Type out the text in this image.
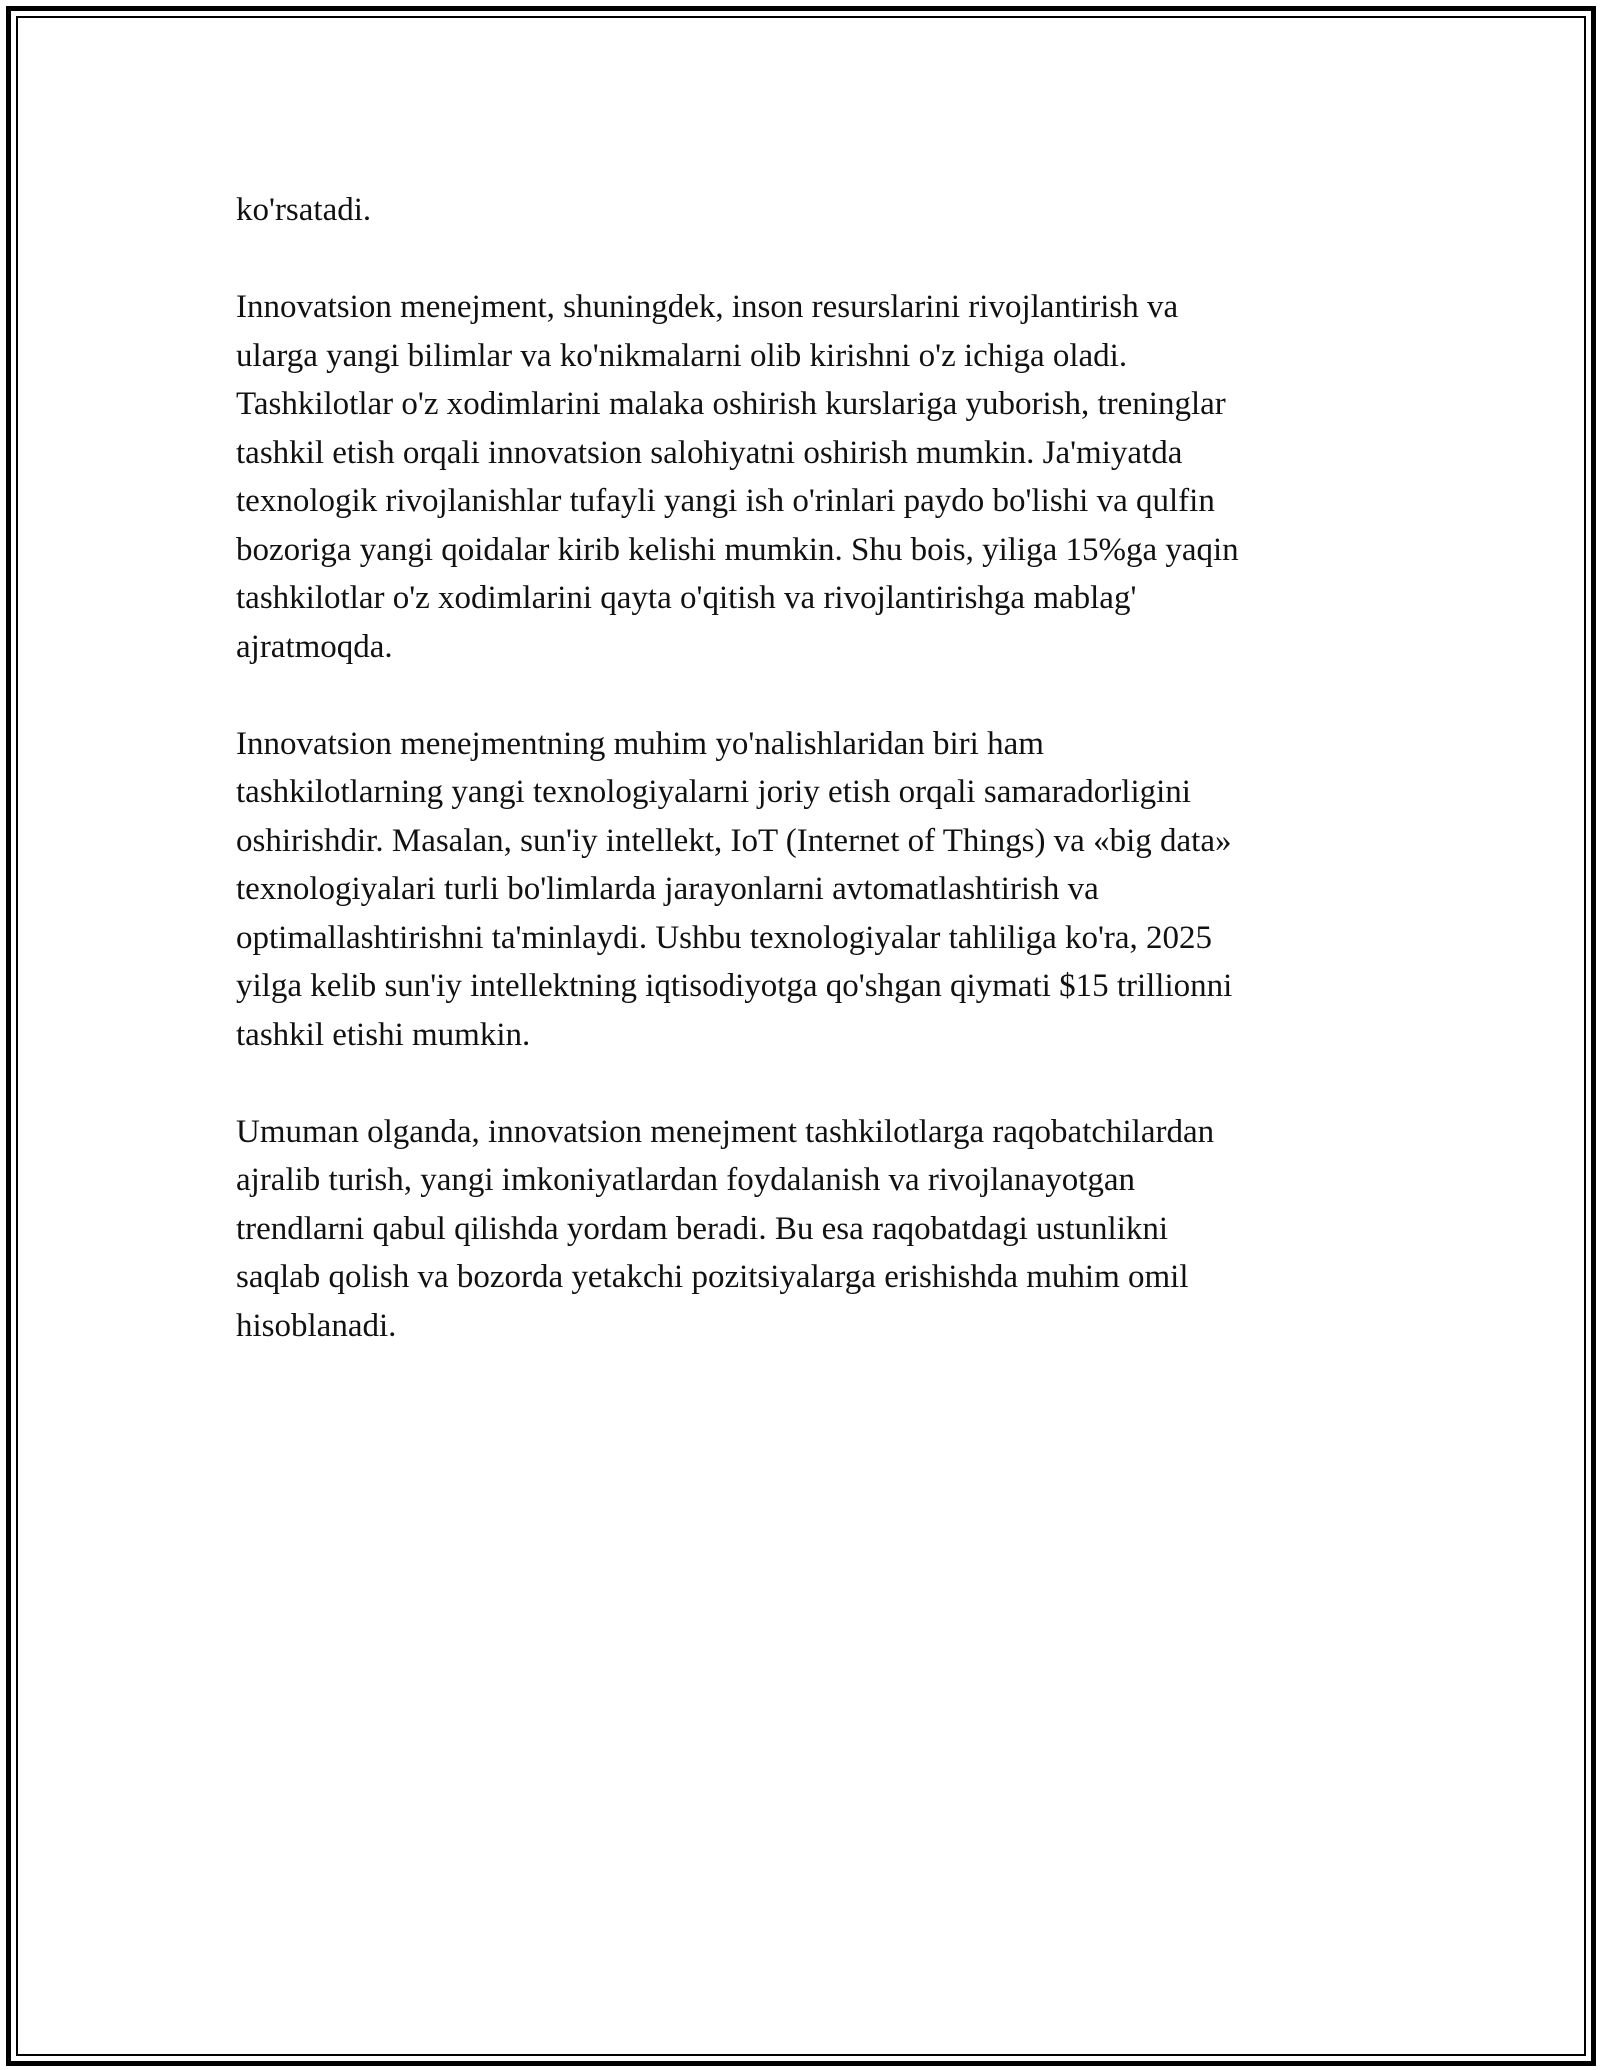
ko'rsatadi.

Innovatsion menejment, shuningdek, inson resurslarini rivojlantirish va
ularga yangi bilimlar va ko'nikmalarni olib kirishni o'z ichiga oladi.
Tashkilotlar o'z xodimlarini malaka oshirish kurslariga yuborish, treninglar
tashkil etish orqali innovatsion salohiyatni oshirish mumkin. Ja'miyatda
texnologik rivojlanishlar tufayli yangi ish o'rinlari paydo bo'lishi va qulfin
bozoriga yangi qoidalar kirib kelishi mumkin. Shu bois, yiliga 15%ga yaqin
tashkilotlar o'z xodimlarini qayta o'qitish va rivojlantirishga mablag'
ajratmoqda.

Innovatsion menejmentning muhim yo'nalishlaridan biri ham
tashkilotlarning yangi texnologiyalarni joriy etish orqali samaradorligini
oshirishdir. Masalan, sun'iy intellekt, IoT (Internet of Things) va «big data»
texnologiyalari turli bo'limlarda jarayonlarni avtomatlashtirish va
optimallashtirishni ta'minlaydi. Ushbu texnologiyalar tahliliga ko'ra, 2025
yilga kelib sun'iy intellektning iqtisodiyotga qo'shgan qiymati $15 trillionni
tashkil etishi mumkin.

Umuman olganda, innovatsion menejment tashkilotlarga raqobatchilardan
ajralib turish, yangi imkoniyatlardan foydalanish va rivojlanayotgan
trendlarni qabul qilishda yordam beradi. Bu esa raqobatdagi ustunlikni
saqlab qolish va bozorda yetakchi pozitsiyalarga erishishda muhim omil
hisoblanadi.
